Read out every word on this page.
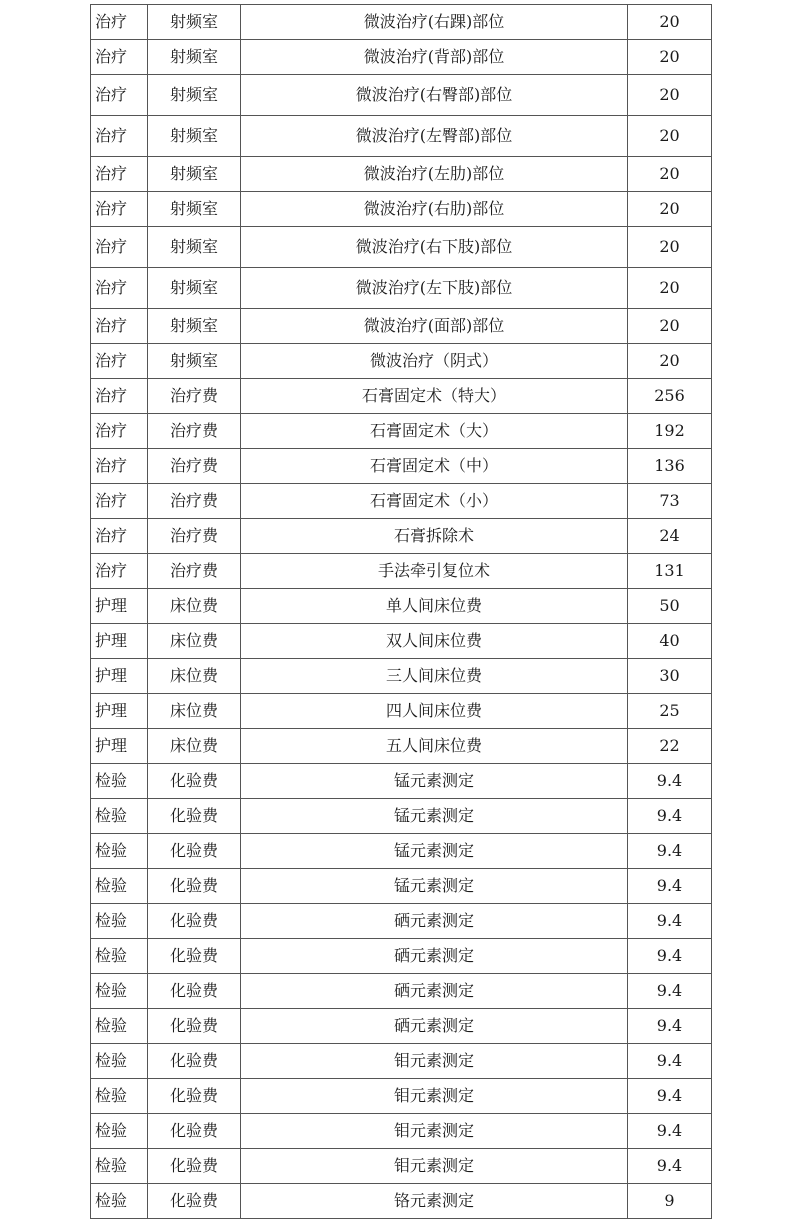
治疗	射频室	微波治疗(右踝)部位	20
治疗	射频室	微波治疗(背部)部位	20
治疗	射频室	微波治疗(右臀部)部位	20
治疗	射频室	微波治疗(左臀部)部位	20
治疗	射频室	微波治疗(左肋)部位	20
治疗	射频室	微波治疗(右肋)部位	20
治疗	射频室	微波治疗(右下肢)部位	20
治疗	射频室	微波治疗(左下肢)部位	20
治疗	射频室	微波治疗(面部)部位	20
治疗	射频室	微波治疗（阴式）	20
治疗	治疗费	石膏固定术（特大）	256
治疗	治疗费	石膏固定术（大）	192
治疗	治疗费	石膏固定术（中）	136
治疗	治疗费	石膏固定术（小）	73
治疗	治疗费	石膏拆除术	24
治疗	治疗费	手法牵引复位术	131
护理	床位费	单人间床位费	50
护理	床位费	双人间床位费	40
护理	床位费	三人间床位费	30
护理	床位费	四人间床位费	25
护理	床位费	五人间床位费	22
检验	化验费	锰元素测定	9.4
检验	化验费	锰元素测定	9.4
检验	化验费	锰元素测定	9.4
检验	化验费	锰元素测定	9.4
检验	化验费	硒元素测定	9.4
检验	化验费	硒元素测定	9.4
检验	化验费	硒元素测定	9.4
检验	化验费	硒元素测定	9.4
检验	化验费	钼元素测定	9.4
检验	化验费	钼元素测定	9.4
检验	化验费	钼元素测定	9.4
检验	化验费	钼元素测定	9.4
检验	化验费	铬元素测定	9
